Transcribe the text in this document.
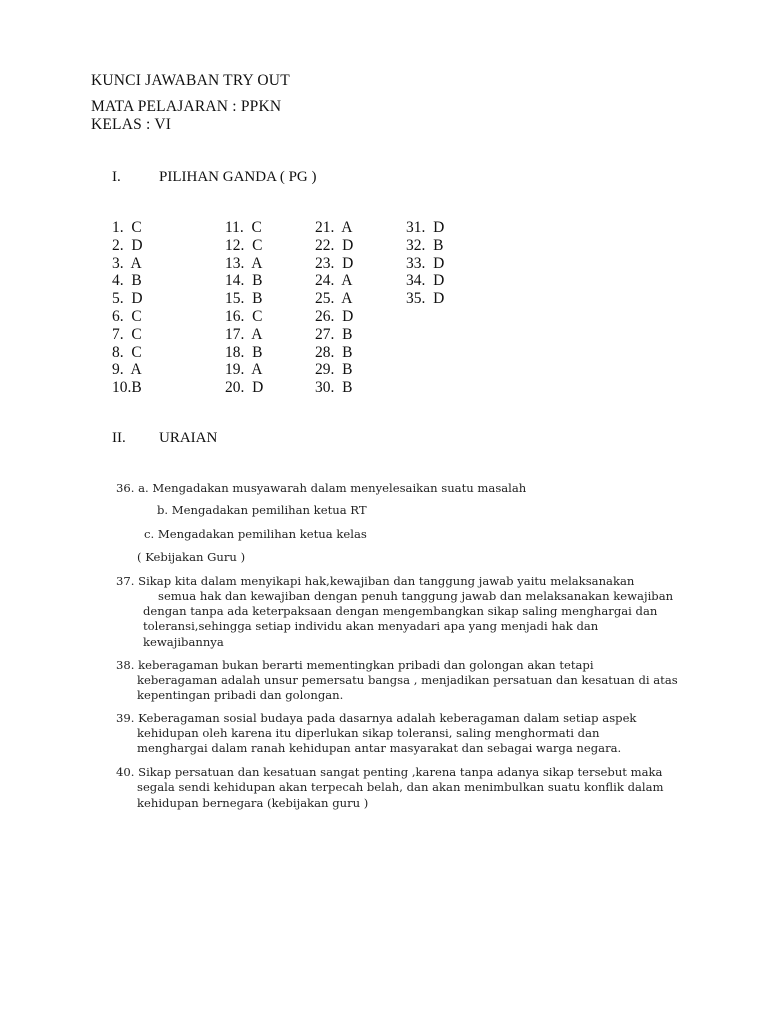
KUNCI JAWABAN TRY OUT
MATA PELAJARAN : PPKN
KELAS : VI
I.	PILIHAN GANDA ( PG )
1.  C
2.  D
3.  A
4.  B
5.  D
6.  C
7.  C
8.  C
9.  A
10.B
11.  C
12.  C
13.  A
14.  B
15.  B
16.  C
17.  A
18.  B
19.  A
20.  D
21.  A
22.  D
23.  D
24.  A
25.  A
26.  D
27.  B
28.  B
29.  B
30.  B
31.  D
32.  B
33.  D
34.  D
35.  D
II. URAIAN
36. a. Mengadakan musyawarah dalam menyelesaikan suatu masalah
b. Mengadakan pemilihan ketua RT
c. Mengadakan pemilihan ketua kelas
( Kebijakan Guru )
37. Sikap kita dalam menyikapi hak,kewajiban dan tanggung jawab yaitu melaksanakan
semua hak dan kewajiban dengan penuh tanggung jawab dan melaksanakan kewajiban
dengan tanpa ada keterpaksaan dengan mengembangkan sikap saling menghargai dan
toleransi,sehingga setiap individu akan menyadari apa yang menjadi hak dan
kewajibannya
38. keberagaman bukan berarti mementingkan pribadi dan golongan akan tetapi
keberagaman adalah unsur pemersatu bangsa , menjadikan persatuan dan kesatuan di atas
kepentingan pribadi dan golongan.
39. Keberagaman sosial budaya pada dasarnya adalah keberagaman dalam setiap aspek
kehidupan oleh karena itu diperlukan sikap toleransi, saling menghormati dan
menghargai dalam ranah kehidupan antar masyarakat dan sebagai warga negara.
40. Sikap persatuan dan kesatuan sangat penting ,karena tanpa adanya sikap tersebut maka
segala sendi kehidupan akan terpecah belah, dan akan menimbulkan suatu konflik dalam
kehidupan bernegara (kebijakan guru )
